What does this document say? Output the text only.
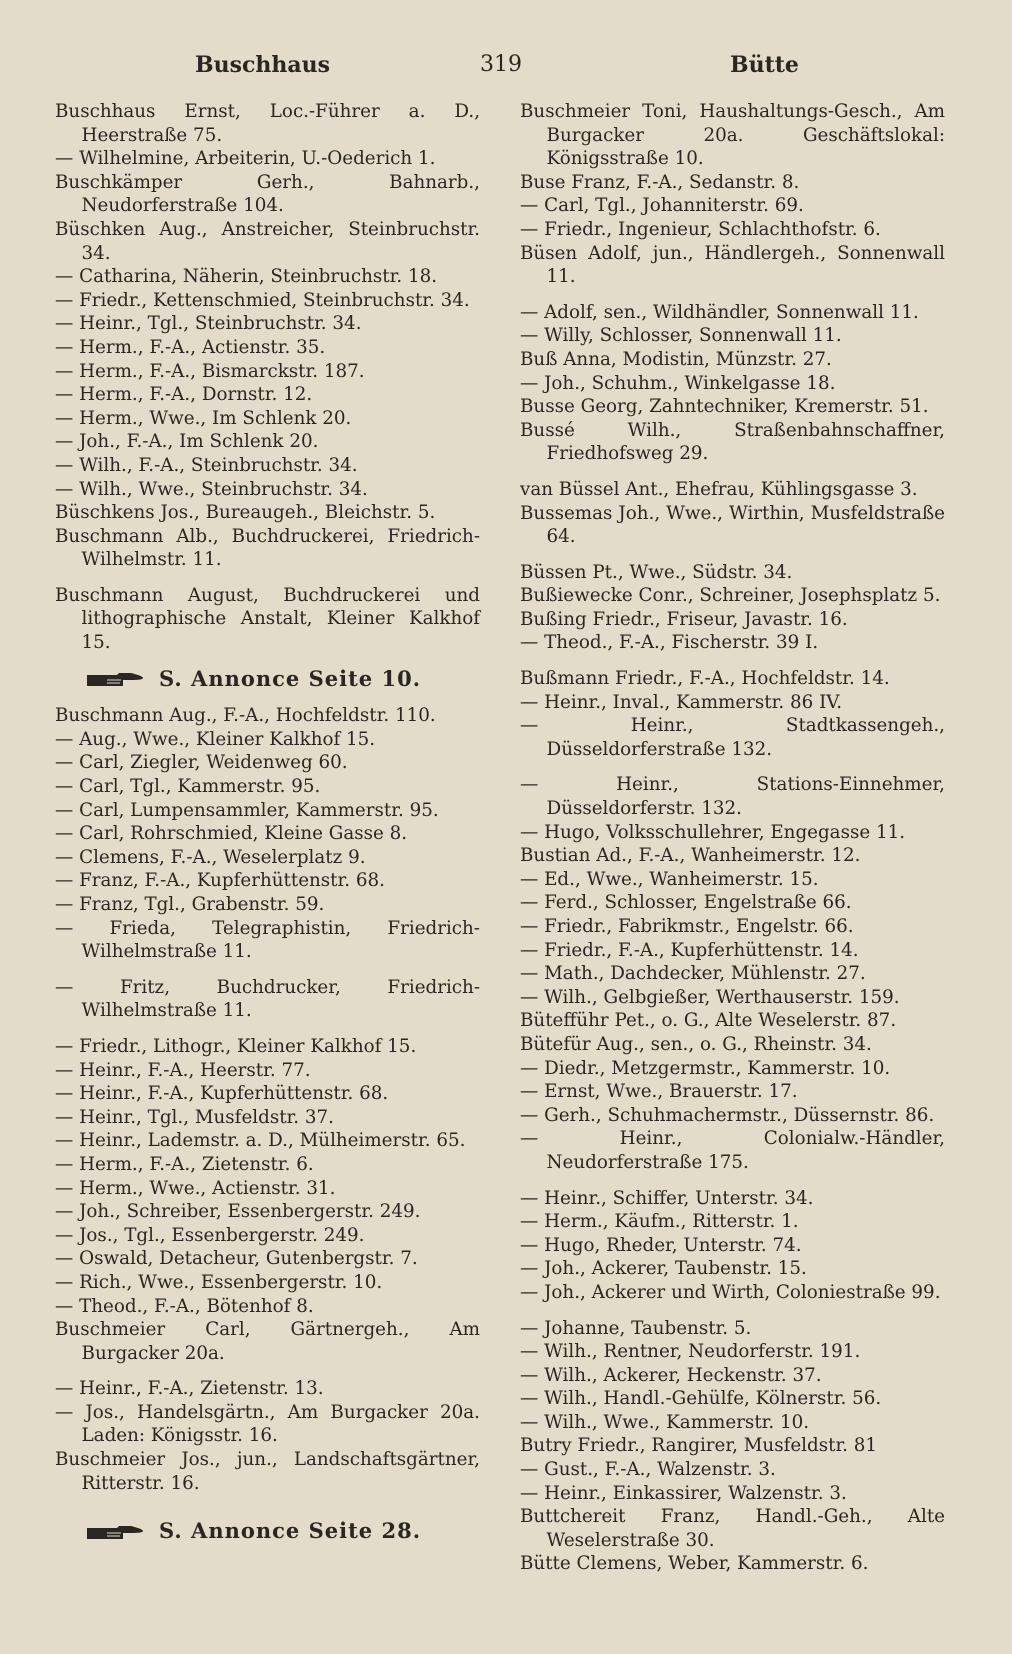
Buschhaus	319	Bütte

Buschhaus Ernst, Loc.-Führer a. D., Heerstraße 75.

— Wilhelmine, Arbeiterin, U.-Oederich 1.

Buschkämper Gerh., Bahnarb., Neudorferstraße 104.

Büschken Aug., Anstreicher, Steinbruchstr. 34.

— Catharina, Näherin, Steinbruchstr. 18.

— Friedr., Kettenschmied, Steinbruchstr. 34.

— Heinr., Tgl., Steinbruchstr. 34.

— Herm., F.-A., Actienstr. 35.

— Herm., F.-A., Bismarckstr. 187.

— Herm., F.-A., Dornstr. 12.

— Herm., Wwe., Im Schlenk 20.

— Joh., F.-A., Im Schlenk 20.

— Wilh., F.-A., Steinbruchstr. 34.

— Wilh., Wwe., Steinbruchstr. 34.

Büschkens Jos., Bureaugeh., Bleichstr. 5.

Buschmann Alb., Buchdruckerei, Friedrich-Wilhelmstr. 11.

Buschmann August, Buchdruckerei und lithographische Anstalt, Kleiner Kalkhof 15.

S. Annonce Seite 10.

Buschmann Aug., F.-A., Hochfeldstr. 110.

— Aug., Wwe., Kleiner Kalkhof 15.

— Carl, Ziegler, Weidenweg 60.

— Carl, Tgl., Kammerstr. 95.

— Carl, Lumpensammler, Kammerstr. 95.

— Carl, Rohrschmied, Kleine Gasse 8.

— Clemens, F.-A., Weselerplatz 9.

— Franz, F.-A., Kupferhüttenstr. 68.

— Franz, Tgl., Grabenstr. 59.

— Frieda, Telegraphistin, Friedrich-Wilhelmstraße 11.

— Fritz, Buchdrucker, Friedrich-Wilhelmstraße 11.

— Friedr., Lithogr., Kleiner Kalkhof 15.

— Heinr., F.-A., Heerstr. 77.

— Heinr., F.-A., Kupferhüttenstr. 68.

— Heinr., Tgl., Musfeldstr. 37.

— Heinr., Lademstr. a. D., Mülheimerstr. 65.

— Herm., F.-A., Zietenstr. 6.

— Herm., Wwe., Actienstr. 31.

— Joh., Schreiber, Essenbergerstr. 249.

— Jos., Tgl., Essenbergerstr. 249.

— Oswald, Detacheur, Gutenbergstr. 7.

— Rich., Wwe., Essenbergerstr. 10.

— Theod., F.-A., Bötenhof 8.

Buschmeier Carl, Gärtnergeh., Am Burgacker 20a.

— Heinr., F.-A., Zietenstr. 13.

— Jos., Handelsgärtn., Am Burgacker 20a. Laden: Königsstr. 16.

Buschmeier Jos., jun., Landschaftsgärtner, Ritterstr. 16.

S. Annonce Seite 28.

Buschmeier Toni, Haushaltungs-Gesch., Am Burgacker 20a. Geschäftslokal: Königsstraße 10.

Buse Franz, F.-A., Sedanstr. 8.

— Carl, Tgl., Johanniterstr. 69.

— Friedr., Ingenieur, Schlachthofstr. 6.

Büsen Adolf, jun., Händlergeh., Sonnenwall 11.

— Adolf, sen., Wildhändler, Sonnenwall 11.

— Willy, Schlosser, Sonnenwall 11.

Buß Anna, Modistin, Münzstr. 27.

— Joh., Schuhm., Winkelgasse 18.

Busse Georg, Zahntechniker, Kremerstr. 51.

Bussé Wilh., Straßenbahnschaffner, Friedhofsweg 29.

van Büssel Ant., Ehefrau, Kühlingsgasse 3.

Bussemas Joh., Wwe., Wirthin, Musfeldstraße 64.

Büssen Pt., Wwe., Südstr. 34.

Bußiewecke Conr., Schreiner, Josephsplatz 5.

Bußing Friedr., Friseur, Javastr. 16.

— Theod., F.-A., Fischerstr. 39 I.

Bußmann Friedr., F.-A., Hochfeldstr. 14.

— Heinr., Inval., Kammerstr. 86 IV.

— Heinr., Stadtkassengeh., Düsseldorferstraße 132.

— Heinr., Stations-Einnehmer, Düsseldorferstr. 132.

— Hugo, Volksschullehrer, Engegasse 11.

Bustian Ad., F.-A., Wanheimerstr. 12.

— Ed., Wwe., Wanheimerstr. 15.

— Ferd., Schlosser, Engelstraße 66.

— Friedr., Fabrikmstr., Engelstr. 66.

— Friedr., F.-A., Kupferhüttenstr. 14.

— Math., Dachdecker, Mühlenstr. 27.

— Wilh., Gelbgießer, Werthauserstr. 159.

Bütefführ Pet., o. G., Alte Weselerstr. 87.

Bütefür Aug., sen., o. G., Rheinstr. 34.

— Diedr., Metzgermstr., Kammerstr. 10.

— Ernst, Wwe., Brauerstr. 17.

— Gerh., Schuhmachermstr., Düssernstr. 86.

— Heinr., Colonialw.-Händler, Neudorferstraße 175.

— Heinr., Schiffer, Unterstr. 34.

— Herm., Käufm., Ritterstr. 1.

— Hugo, Rheder, Unterstr. 74.

— Joh., Ackerer, Taubenstr. 15.

— Joh., Ackerer und Wirth, Coloniestraße 99.

— Johanne, Taubenstr. 5.

— Wilh., Rentner, Neudorferstr. 191.

— Wilh., Ackerer, Heckenstr. 37.

— Wilh., Handl.-Gehülfe, Kölnerstr. 56.

— Wilh., Wwe., Kammerstr. 10.

Butry Friedr., Rangirer, Musfeldstr. 81

— Gust., F.-A., Walzenstr. 3.

— Heinr., Einkassirer, Walzenstr. 3.

Buttchereit Franz, Handl.-Geh., Alte Weselerstraße 30.

Bütte Clemens, Weber, Kammerstr. 6.
